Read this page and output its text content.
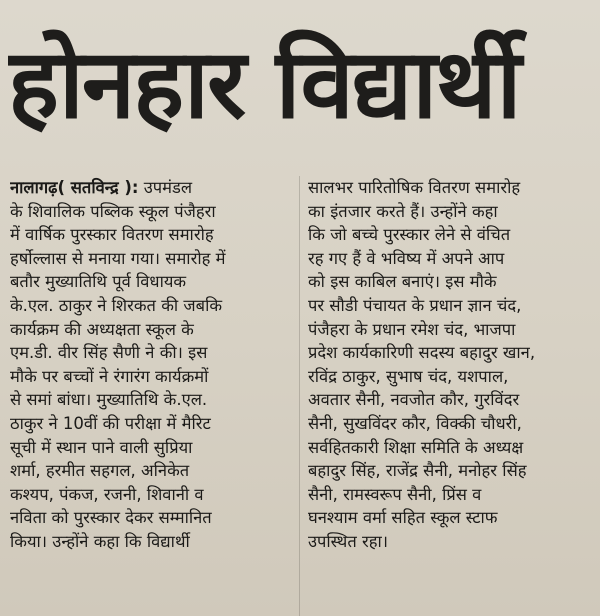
होनहार विद्यार्थी
नालागढ़( सतविन्द्र ): उपमंडल
के शिवालिक पब्लिक स्कूल पंजैहरा
में वार्षिक पुरस्कार वितरण समारोह
हर्षोल्लास से मनाया गया। समारोह में
बतौर मुख्यातिथि पूर्व विधायक
के.एल. ठाकुर ने शिरकत की जबकि
कार्यक्रम की अध्यक्षता स्कूल के
एम.डी. वीर सिंह सैणी ने की। इस
मौके पर बच्चों ने रंगारंग कार्यक्रमों
से समां बांधा। मुख्यातिथि के.एल.
ठाकुर ने 10वीं की परीक्षा में मैरिट
सूची में स्थान पाने वाली सुप्रिया
शर्मा, हरमीत सहगल, अनिकेत
कश्यप, पंकज, रजनी, शिवानी व
नविता को पुरस्कार देकर सम्मानित
किया। उन्होंने कहा कि विद्यार्थी
सालभर पारितोषिक वितरण समारोह
का इंतजार करते हैं। उन्होंने कहा
कि जो बच्चे पुरस्कार लेने से वंचित
रह गए हैं वे भविष्य में अपने आप
को इस काबिल बनाएं। इस मौके
पर सौडी पंचायत के प्रधान ज्ञान चंद,
पंजैहरा के प्रधान रमेश चंद, भाजपा
प्रदेश कार्यकारिणी सदस्य बहादुर खान,
रविंद्र ठाकुर, सुभाष चंद, यशपाल,
अवतार सैनी, नवजोत कौर, गुरविंदर
सैनी, सुखविंदर कौर, विक्की चौधरी,
सर्वहितकारी शिक्षा समिति के अध्यक्ष
बहादुर सिंह, राजेंद्र सैनी, मनोहर सिंह
सैनी, रामस्वरूप सैनी, प्रिंस व
घनश्याम वर्मा सहित स्कूल स्टाफ
उपस्थित रहा।
